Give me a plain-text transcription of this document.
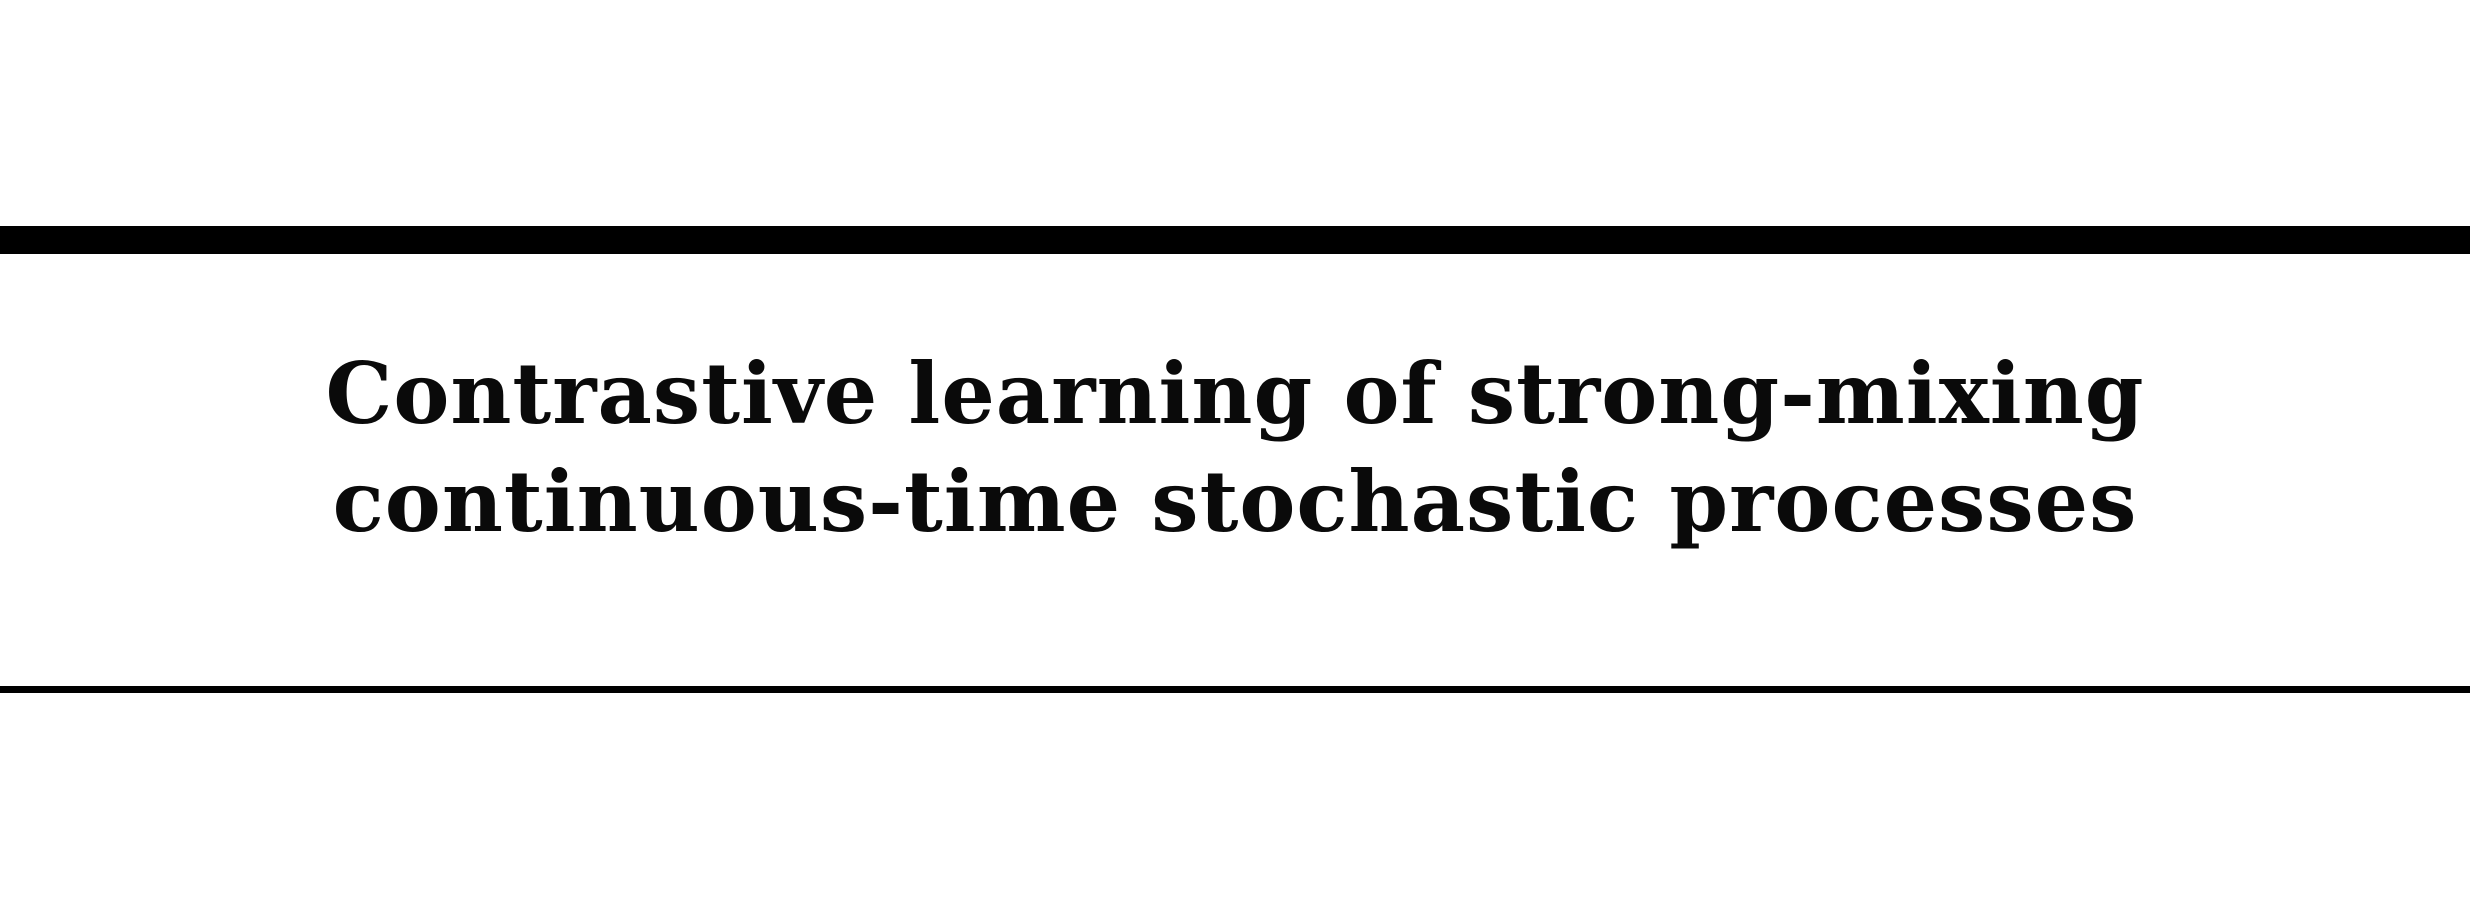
Contrastive learning of strong-mixing
continuous-time stochastic processes
